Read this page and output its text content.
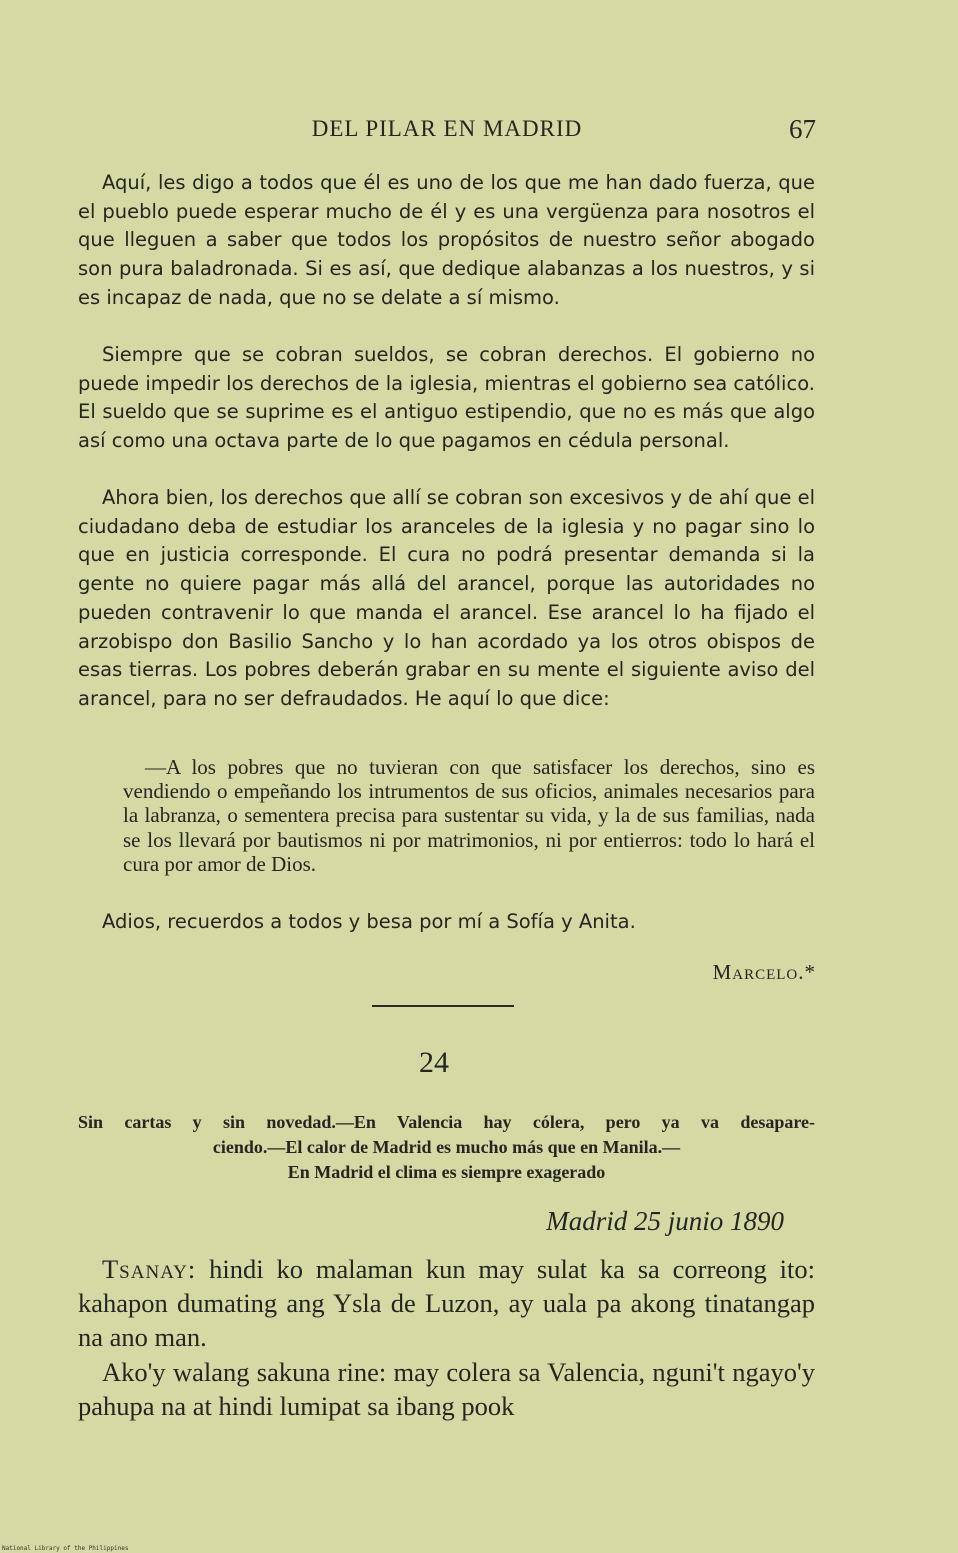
DEL PILAR EN MADRID	67

Aquí, les digo a todos que él es uno de los que me han dado fuerza, que el pueblo puede esperar mucho de él y es una vergüenza para nosotros el que lleguen a saber que todos los propósitos de nuestro señor abogado son pura baladronada. Si es así, que dedique alabanzas a los nuestros, y si es incapaz de nada, que no se delate a sí mismo.

Siempre que se cobran sueldos, se cobran derechos. El gobierno no puede impedir los derechos de la iglesia, mientras el gobierno sea católico. El sueldo que se suprime es el antiguo estipendio, que no es más que algo así como una octava parte de lo que pagamos en cédula personal.

Ahora bien, los derechos que allí se cobran son excesivos y de ahí que el ciudadano deba de estudiar los aranceles de la iglesia y no pagar sino lo que en justicia corresponde. El cura no podrá presentar demanda si la gente no quiere pagar más allá del arancel, porque las autoridades no pueden contravenir lo que manda el arancel. Ese arancel lo ha fijado el arzobispo don Basilio Sancho y lo han acordado ya los otros obispos de esas tierras. Los pobres deberán grabar en su mente el siguiente aviso del arancel, para no ser defraudados. He aquí lo que dice:

—A los pobres que no tuvieran con que satisfacer los derechos, sino es vendiendo o empeñando los intrumentos de sus oficios, animales necesarios para la labranza, o sementera precisa para sustentar su vida, y la de sus familias, nada se los llevará por bautismos ni por matrimonios, ni por entierros: todo lo hará el cura por amor de Dios.

Adios, recuerdos a todos y besa por mí a Sofía y Anita.

Marcelo.*
24

Sin cartas y sin novedad.—En Valencia hay cólera, pero ya va desapare-

ciendo.—El calor de Madrid es mucho más que en Manila.—

En Madrid el clima es siempre exagerado

Madrid 25 junio 1890

Tsanay: hindi ko malaman kun may sulat ka sa correong ito: kahapon dumating ang Ysla de Luzon, ay uala pa akong tinatangap na ano man.

Ako'y walang sakuna rine: may colera sa Valencia, nguni't ngayo'y pahupa na at hindi lumipat sa ibang pook

National Library of the Philippines
